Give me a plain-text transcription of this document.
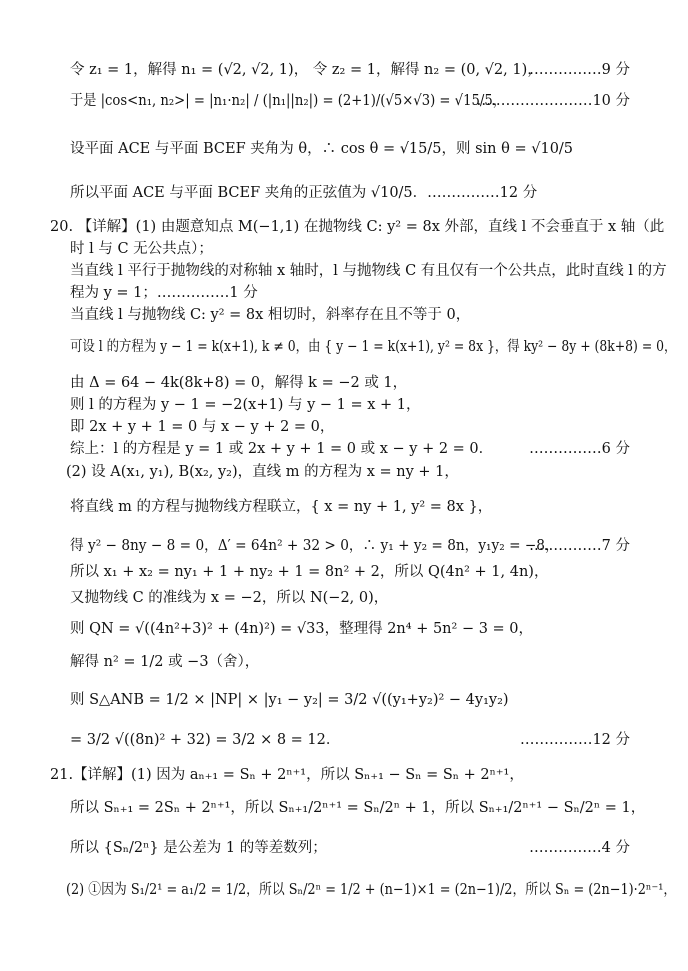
令 z₁ = 1，解得 n₁ = (√2, √2, 1)， 令 z₂ = 1，解得 n₂ = (0, √2, 1)，
……………9 分
于是 |cos<n₁, n₂>| = |n₁·n₂| / (|n₁||n₂|) = (2+1)/(√5×√3) = √15/5，
……………………10 分
设平面 ACE 与平面 BCEF 夹角为 θ，∴ cos θ = √15/5，则 sin θ = √10/5
所以平面 ACE 与平面 BCEF 夹角的正弦值为 √10/5．……………12 分
20. 【详解】(1) 由题意知点 M(−1,1) 在抛物线 C: y² = 8x 外部，直线 l 不会垂直于 x 轴（此
时 l 与 C 无公共点）；
当直线 l 平行于抛物线的对称轴 x 轴时，l 与抛物线 C 有且仅有一个公共点，此时直线 l 的方
程为 y = 1；……………1 分
当直线 l 与抛物线 C: y² = 8x 相切时，斜率存在且不等于 0，
可设 l 的方程为 y − 1 = k(x+1), k ≠ 0，由 { y − 1 = k(x+1), y² = 8x }，得 ky² − 8y + (8k+8) = 0，
由 Δ = 64 − 4k(8k+8) = 0，解得 k = −2 或 1，
则 l 的方程为 y − 1 = −2(x+1) 与 y − 1 = x + 1，
即 2x + y + 1 = 0 与 x − y + 2 = 0，
综上：l 的方程是 y = 1 或 2x + y + 1 = 0 或 x − y + 2 = 0． ……………6 分
(2) 设 A(x₁, y₁), B(x₂, y₂)，直线 m 的方程为 x = ny + 1，
将直线 m 的方程与抛物线方程联立，{ x = ny + 1, y² = 8x }，
得 y² − 8ny − 8 = 0，Δ′ = 64n² + 32 > 0，∴ y₁ + y₂ = 8n，y₁y₂ = −8，
……………7 分
所以 x₁ + x₂ = ny₁ + 1 + ny₂ + 1 = 8n² + 2，所以 Q(4n² + 1, 4n)，
又抛物线 C 的准线为 x = −2，所以 N(−2, 0)，
则 QN = √((4n²+3)² + (4n)²) = √33，整理得 2n⁴ + 5n² − 3 = 0，
解得 n² = 1/2 或 −3（舍），
则 S△ANB = 1/2 × |NP| × |y₁ − y₂| = 3/2 √((y₁+y₂)² − 4y₁y₂)
= 3/2 √((8n)² + 32) = 3/2 × 8 = 12．	……………12 分
21.【详解】(1) 因为 aₙ₊₁ = Sₙ + 2ⁿ⁺¹，所以 Sₙ₊₁ − Sₙ = Sₙ + 2ⁿ⁺¹，
所以 Sₙ₊₁ = 2Sₙ + 2ⁿ⁺¹，所以 Sₙ₊₁/2ⁿ⁺¹ = Sₙ/2ⁿ + 1，所以 Sₙ₊₁/2ⁿ⁺¹ − Sₙ/2ⁿ = 1，
所以 {Sₙ/2ⁿ} 是公差为 1 的等差数列；	……………4 分
(2) ①因为 S₁/2¹ = a₁/2 = 1/2，所以 Sₙ/2ⁿ = 1/2 + (n−1)×1 = (2n−1)/2，所以 Sₙ = (2n−1)·2ⁿ⁻¹，
